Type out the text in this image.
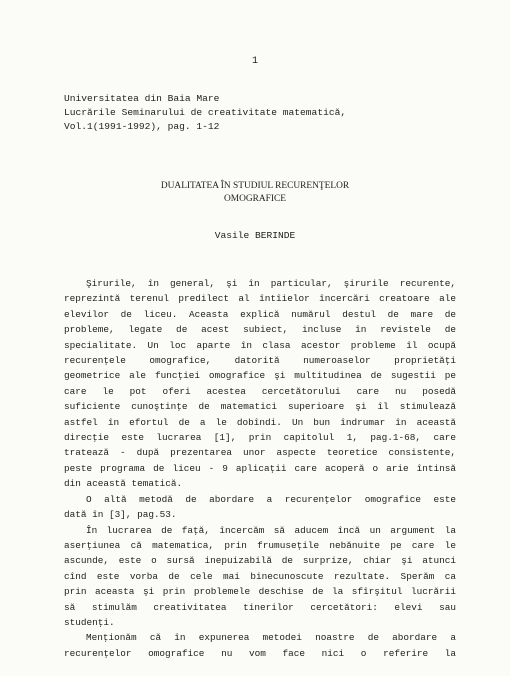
1
Universitatea din Baia Mare
Lucrările Seminarului de creativitate matematică,
Vol.1(1991-1992), pag. 1-12
DUALITATEA ÎN STUDIUL RECURENŢELOR
OMOGRAFICE
Vasile BERINDE
Şirurile, în general, şi în particular, şirurile recurente,
reprezintă terenul predilect al întîielor încercări creatoare ale
elevilor de liceu. Aceasta explică numărul destul de mare de
probleme, legate de acest subiect, incluse în revistele de
specialitate. Un loc aparte în clasa acestor probleme îl ocupă
recurenţele omografice, datorită numeroaselor proprietăţi
geometrice ale funcţiei omografice şi multitudinea de sugestii pe
care le pot oferi acestea cercetătorului care nu posedă
suficiente cunoştinţe de matematici superioare şi îl stimulează
astfel în efortul de a le dobîndi. Un bun îndrumar în această
direcţie este lucrarea [1], prin capitolul 1, pag.1-68, care
tratează - după prezentarea unor aspecte teoretice consistente,
peste programa de liceu - 9 aplicaţii care acoperă o arie întinsă
din această tematică.
O altă metodă de abordare a recurenţelor omografice este
dată în [3], pag.53.
În lucrarea de faţă, încercăm să aducem încă un argument la
aserţiunea că matematica, prin frumuseţile nebănuite pe care le
ascunde, este o sursă inepuizabilă de surprize, chiar şi atunci
cînd este vorba de cele mai binecunoscute rezultate. Sperăm ca
prin aceasta şi prin problemele deschise de la sfîrşitul lucrării
să stimulăm creativitatea tinerilor cercetători: elevi sau
studenţi.
Menţionăm că în expunerea metodei noastre de abordare a
recurenţelor omografice nu vom face nici o referire la
